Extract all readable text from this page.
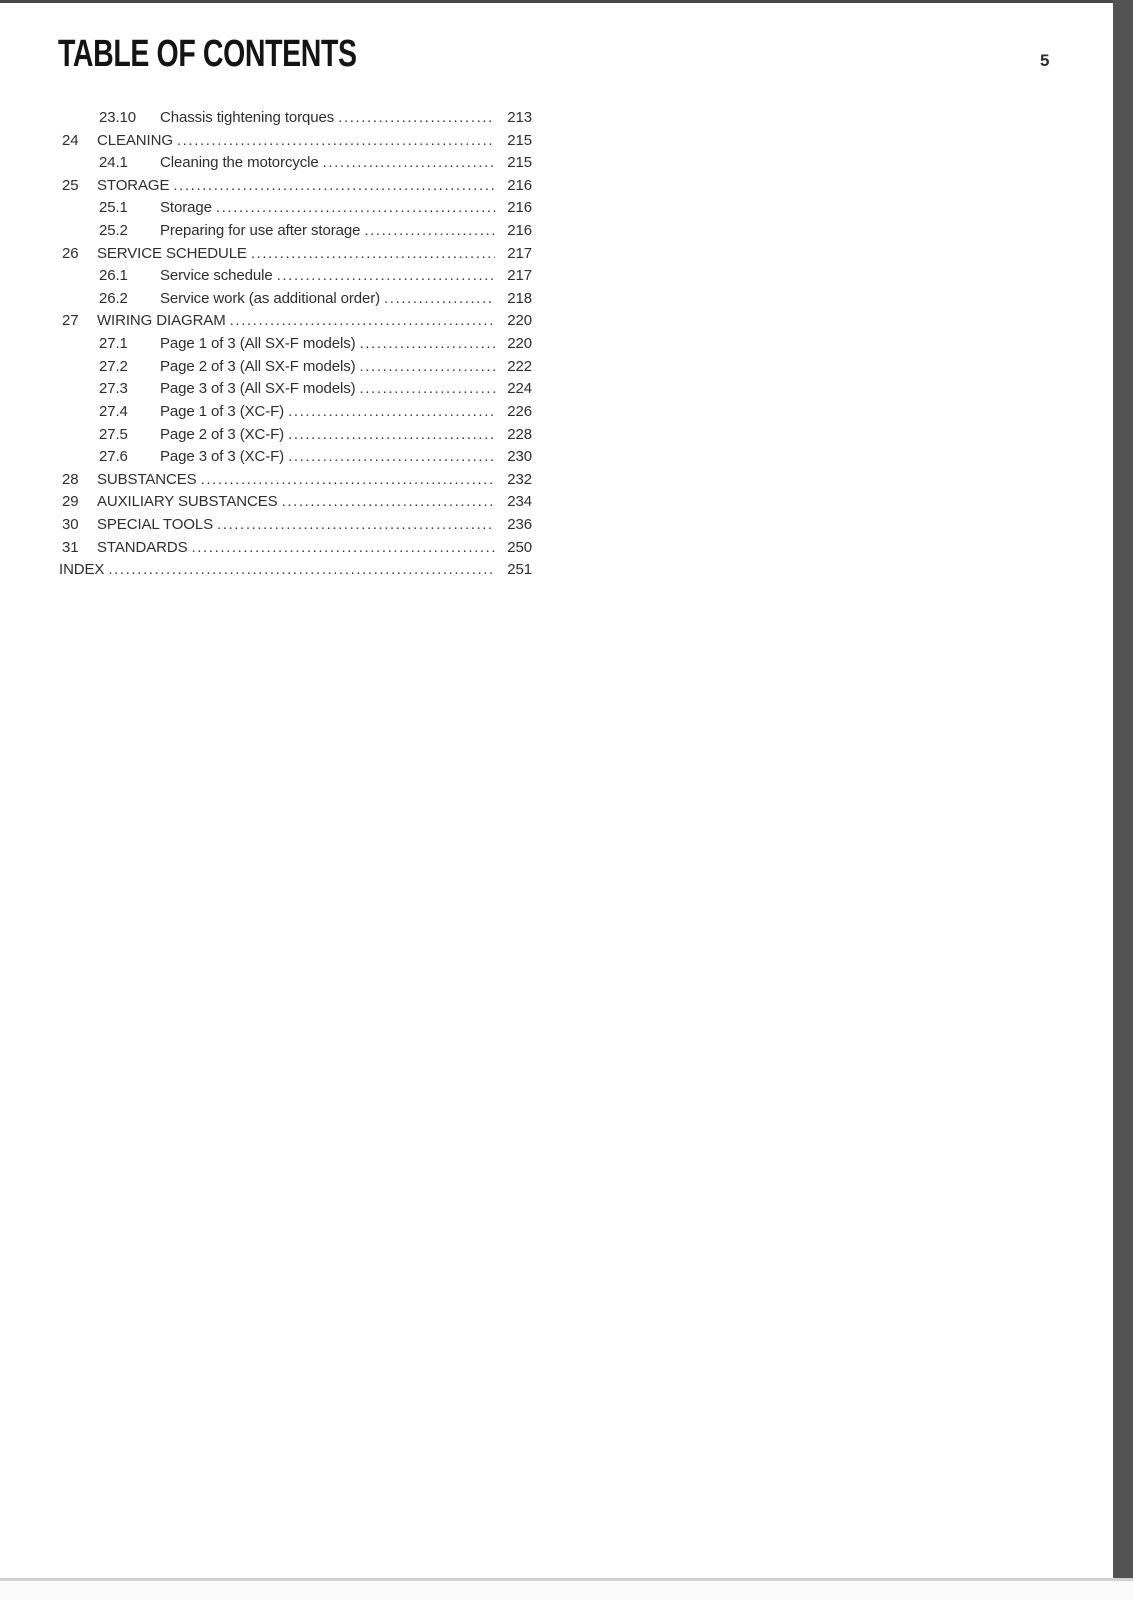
TABLE OF CONTENTS	5
23.10	Chassis tightening torques .....	213
24	CLEANING .....	215
24.1	Cleaning the motorcycle .....	215
25	STORAGE .....	216
25.1	Storage .....	216
25.2	Preparing for use after storage .....	216
26	SERVICE SCHEDULE .....	217
26.1	Service schedule .....	217
26.2	Service work (as additional order) .....	218
27	WIRING DIAGRAM .....	220
27.1	Page 1 of 3 (All SX-F models) .....	220
27.2	Page 2 of 3 (All SX-F models) .....	222
27.3	Page 3 of 3 (All SX-F models) .....	224
27.4	Page 1 of 3 (XC-F) .....	226
27.5	Page 2 of 3 (XC-F) .....	228
27.6	Page 3 of 3 (XC-F) .....	230
28	SUBSTANCES .....	232
29	AUXILIARY SUBSTANCES .....	234
30	SPECIAL TOOLS .....	236
31	STANDARDS .....	250
INDEX .....	251
